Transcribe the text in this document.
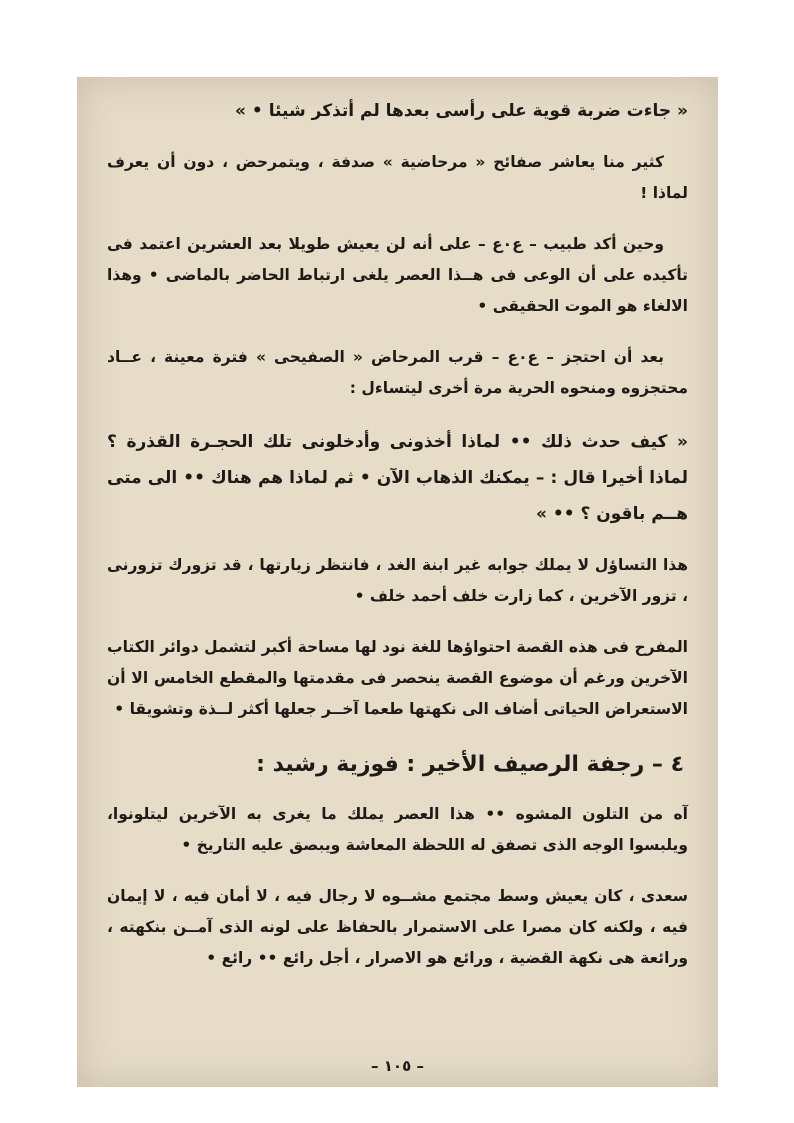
« جاءت ضربة قوية على رأسى بعدها لم أتذكر شيئا • »

كثير منا يعاشر صفائح « مرحاضية » صدفة ، ويتمرحض ، دون أن يعرف لماذا !

وحين أكد طبيب – ع٠ع – على أنه لن يعيش طويلا بعد العشرين اعتمد فى تأكيده على أن الوعى فى هــذا العصر يلغى ارتباط الحاضر بالماضى • وهذا الالغاء هو الموت الحقيقى •

بعد أن احتجز – ع٠ع – قرب المرحاض « الصفيحى » فترة معينة ، عــاد محتجزوه ومنحوه الحرية مرة أخرى ليتساءل :

« كيف حدث ذلك •• لماذا أخذونى وأدخلونى تلك الحجـرة القذرة ؟ لماذا أخيرا قال : – يمكنك الذهاب الآن • ثم لماذا هم هناك •• الى متى هــم باقون ؟ •• »

هذا التساؤل لا يملك جوابه غير ابنة الغد ، فانتظر زيارتها ، قد تزورك تزورنى ، تزور الآخرين ، كما زارت خلف أحمد خلف •

المفرح فى هذه القصة احتواؤها للغة نود لها مساحة أكبر لتشمل دوائر الكتاب الآخرين ورغم أن موضوع القصة ينحصر فى مقدمتها والمقطع الخامس الا أن الاستعراض الحياتى أضاف الى نكهتها طعما آخــر جعلها أكثر لــذة وتشويقا •

٤ – رجفة الرصيف الأخير : فوزية رشيد :

آه من التلون المشوه •• هذا العصر يملك ما يغرى به الآخرين ليتلونوا، ويلبسوا الوجه الذى تصفق له اللحظة المعاشة ويبصق عليه التاريخ •

سعدى ، كان يعيش وسط مجتمع مشــوه لا رجال فيه ، لا أمان فيه ، لا إيمان فيه ، ولكنه كان مصرا على الاستمرار بالحفاظ على لونه الذى آمــن بنكهته ، ورائعة هى نكهة القضية ، ورائع هو الاصرار ، أجل رائع •• رائع •

– ١٠٥ –
